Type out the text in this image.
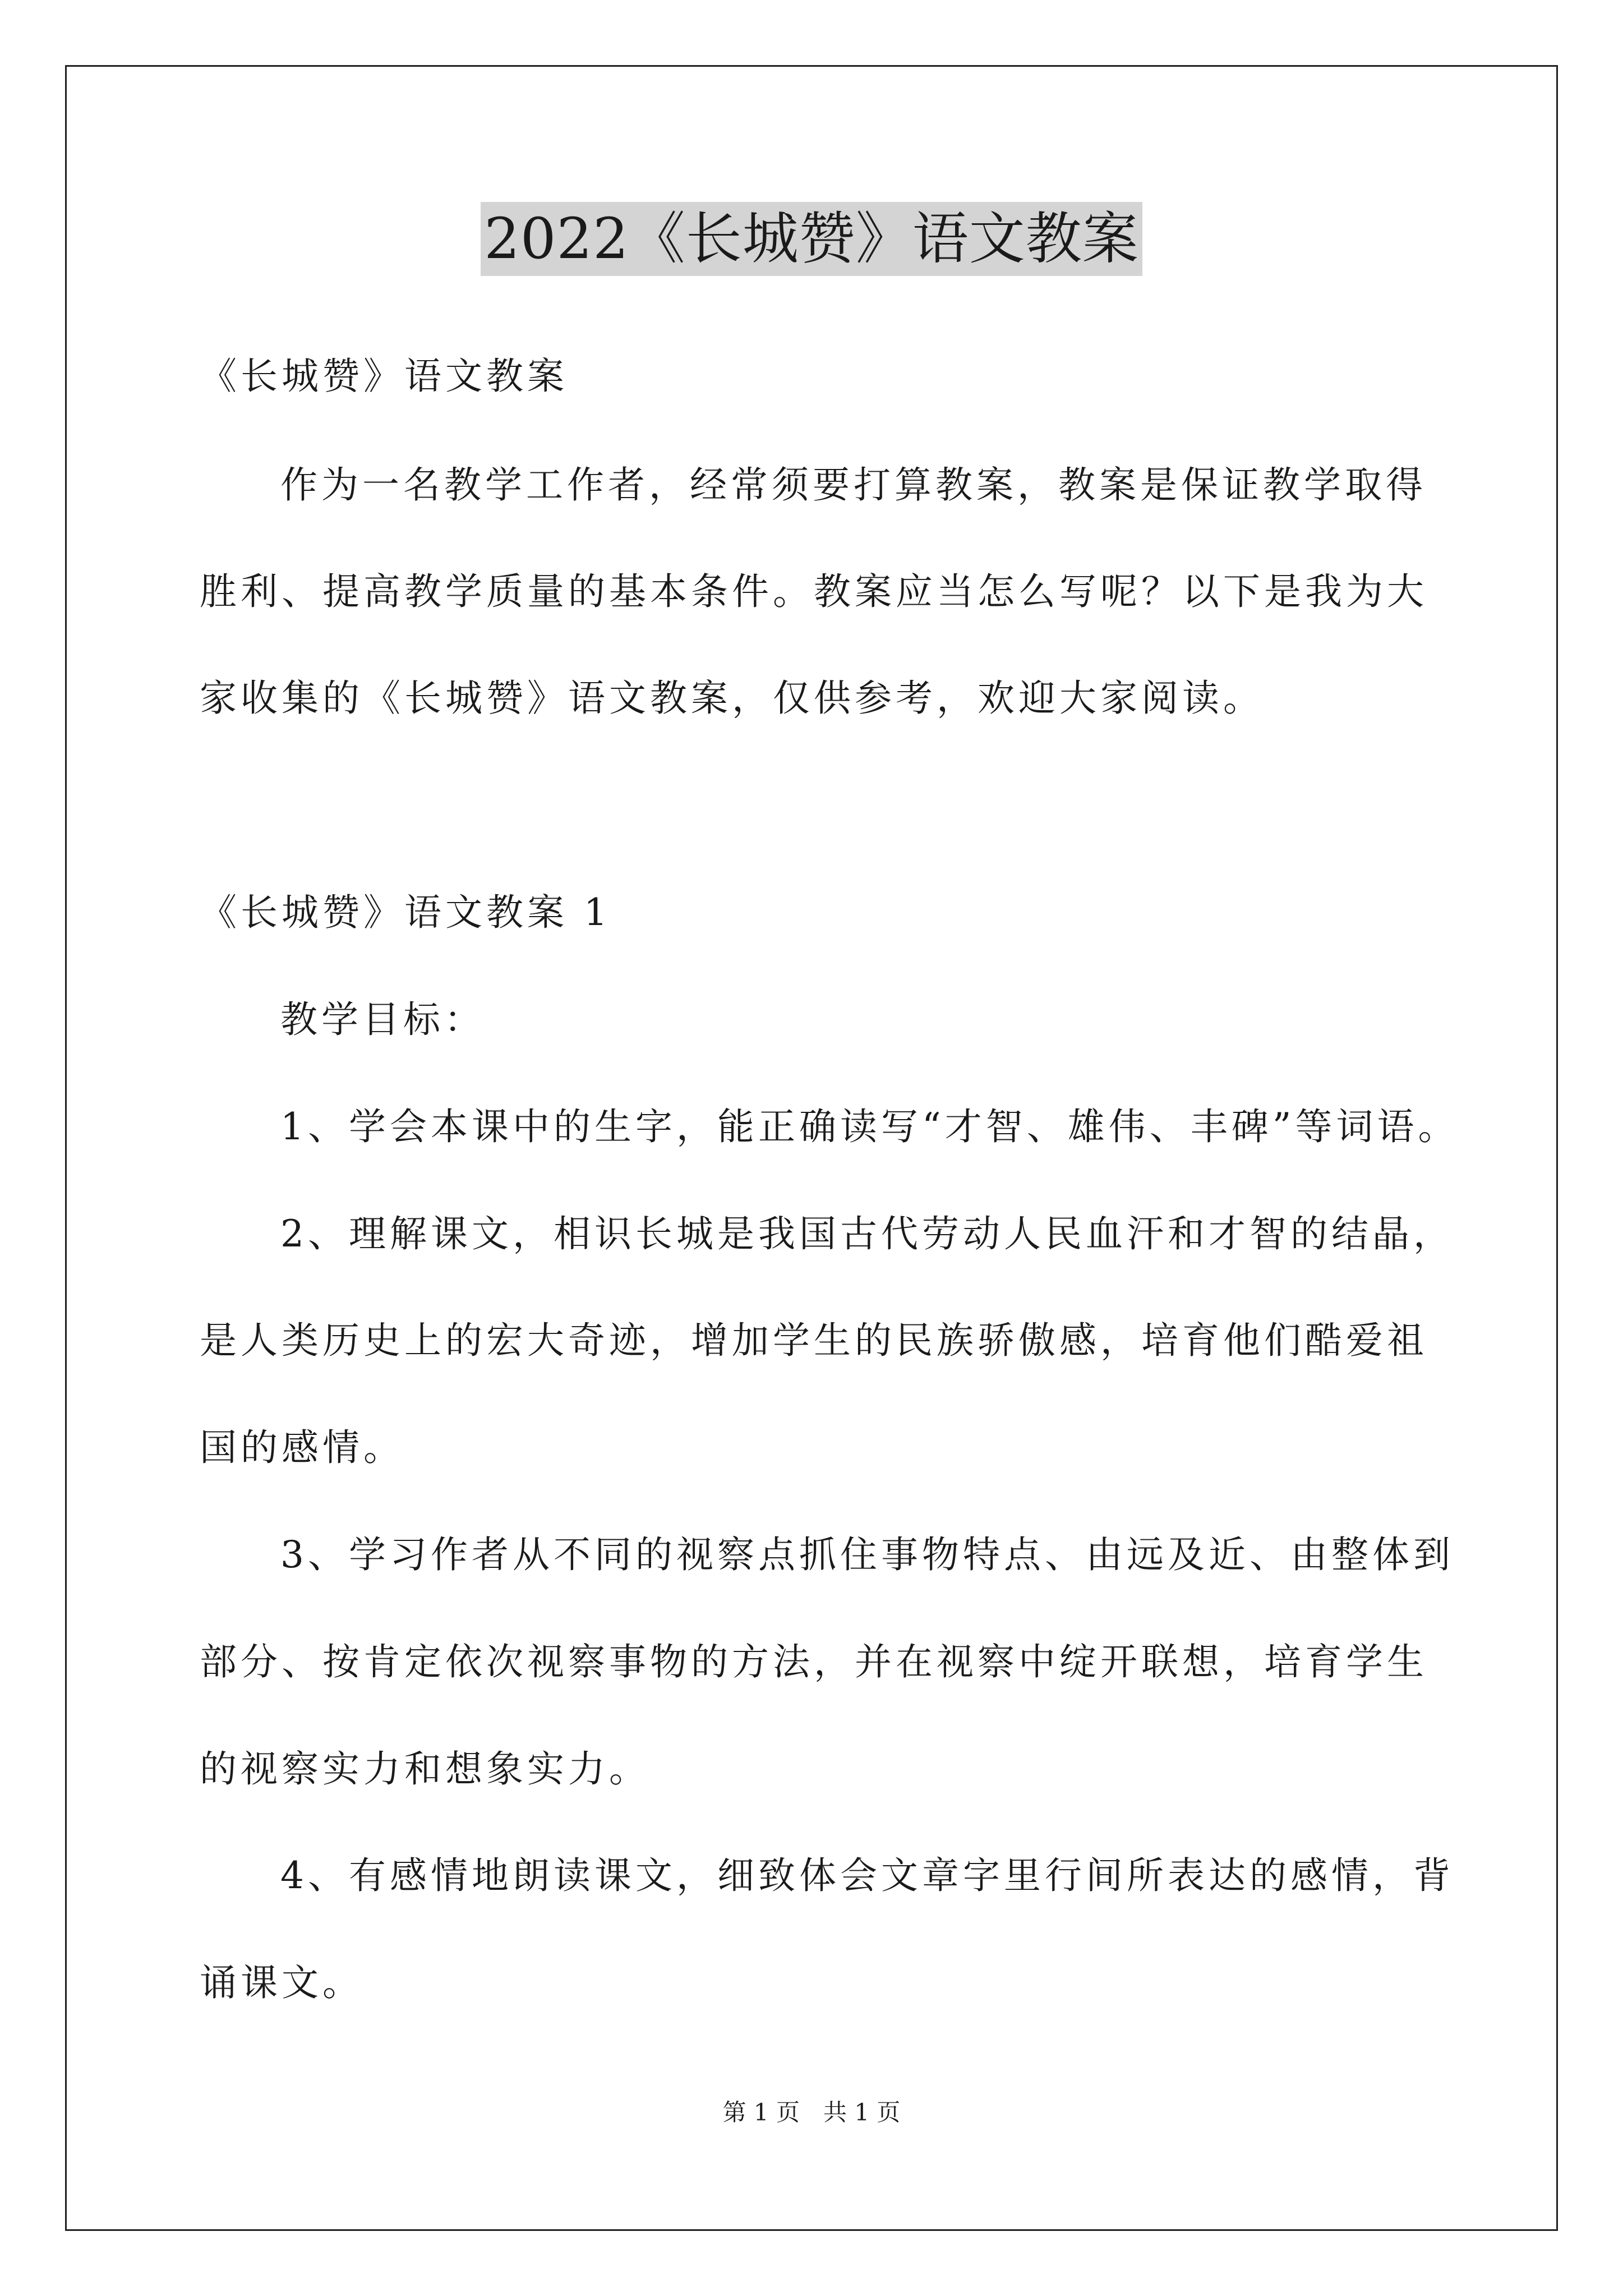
2022《长城赞》语文教案
《长城赞》语文教案
作为一名教学工作者，经常须要打算教案，教案是保证教学取得
胜利、提高教学质量的基本条件。教案应当怎么写呢？以下是我为大
家收集的《长城赞》语文教案，仅供参考，欢迎大家阅读。
《长城赞》语文教案 1
教学目标：
1、学会本课中的生字，能正确读写“才智、雄伟、丰碑”等词语。
2、理解课文，相识长城是我国古代劳动人民血汗和才智的结晶，
是人类历史上的宏大奇迹，增加学生的民族骄傲感，培育他们酷爱祖
国的感情。
3、学习作者从不同的视察点抓住事物特点、由远及近、由整体到
部分、按肯定依次视察事物的方法，并在视察中绽开联想，培育学生
的视察实力和想象实力。
4、有感情地朗读课文，细致体会文章字里行间所表达的感情，背
诵课文。
第 1 页　共 1 页
